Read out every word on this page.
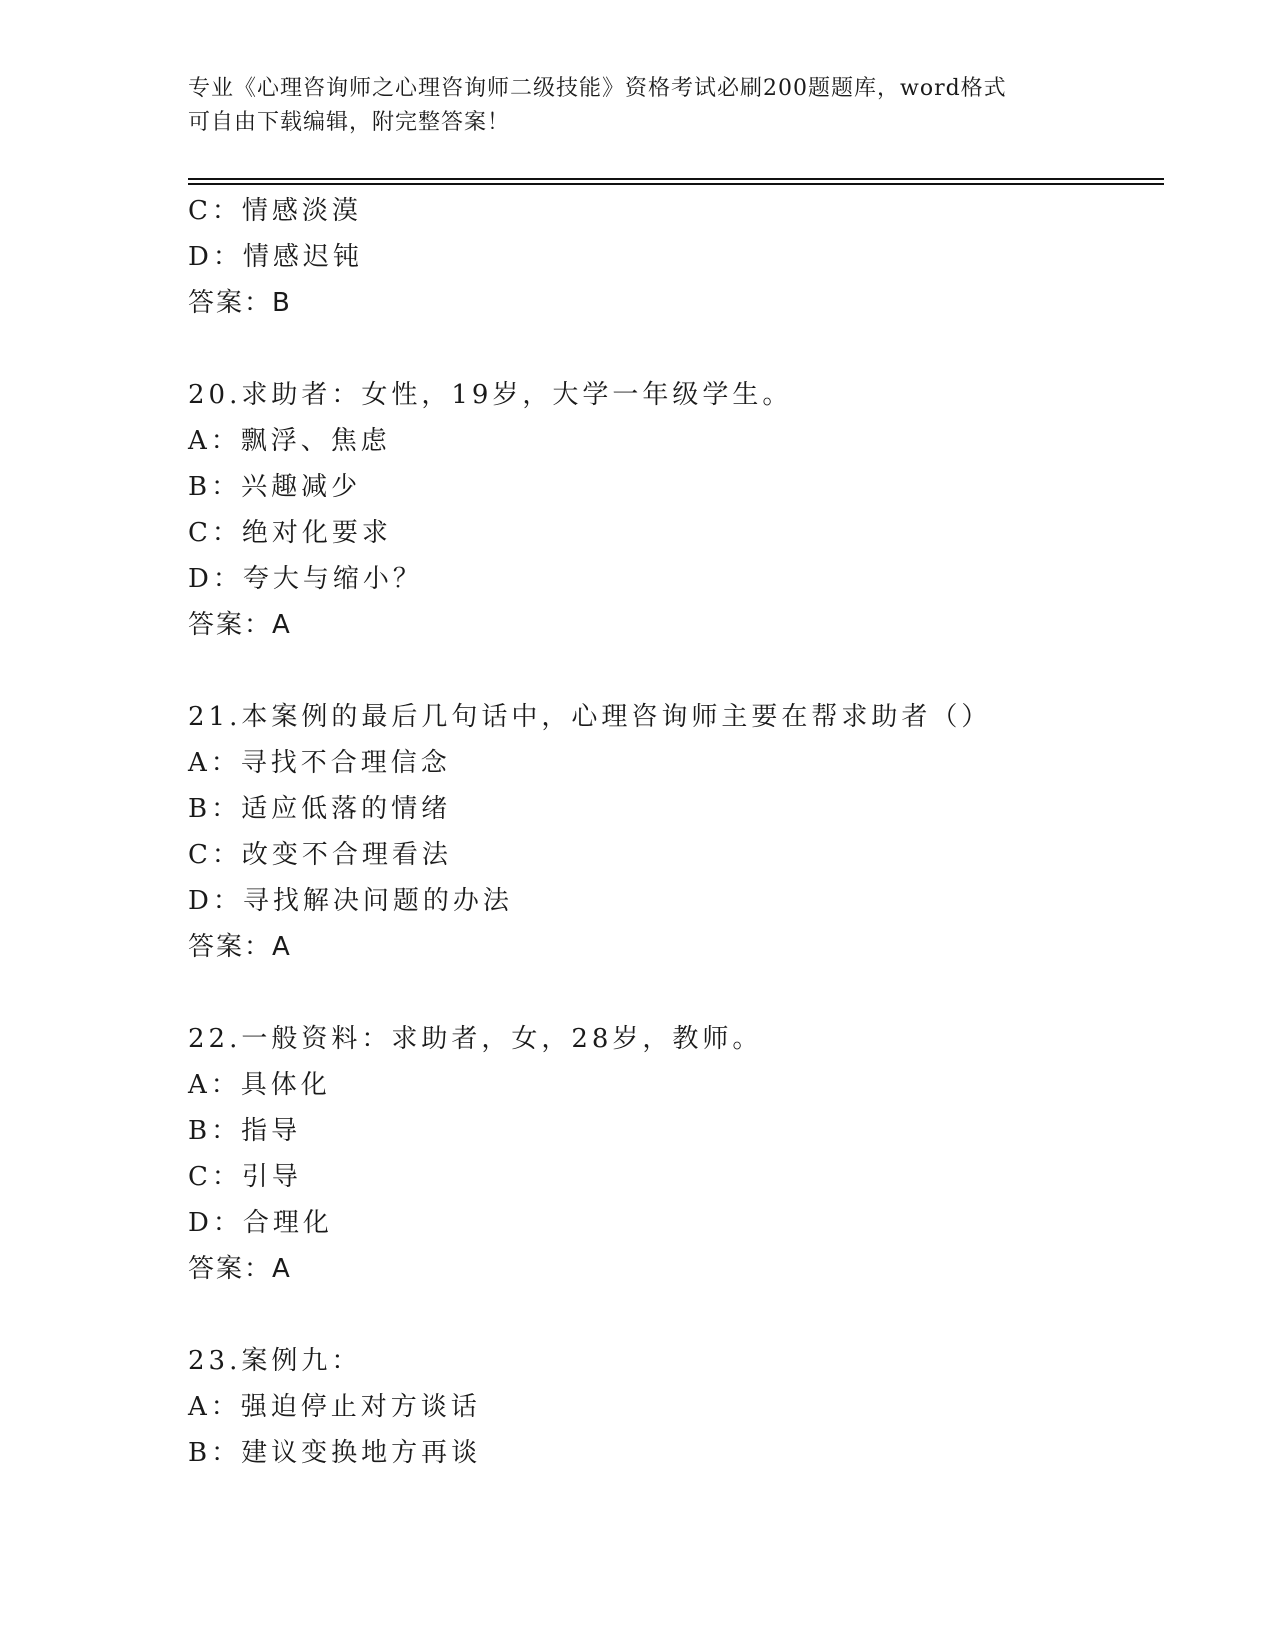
专业《心理咨询师之心理咨询师二级技能》资格考试必刷200题题库，word格式
可自由下载编辑，附完整答案！
C：情感淡漠
D：情感迟钝
答案：B
20.求助者：女性，19岁，大学一年级学生。
A：飘浮、焦虑
B：兴趣减少
C：绝对化要求
D：夸大与缩小？
答案：A
21.本案例的最后几句话中，心理咨询师主要在帮求助者（）
A：寻找不合理信念
B：适应低落的情绪
C：改变不合理看法
D：寻找解决问题的办法
答案：A
22.一般资料：求助者，女，28岁，教师。
A：具体化
B：指导
C：引导
D：合理化
答案：A
23.案例九：
A：强迫停止对方谈话
B：建议变换地方再谈
